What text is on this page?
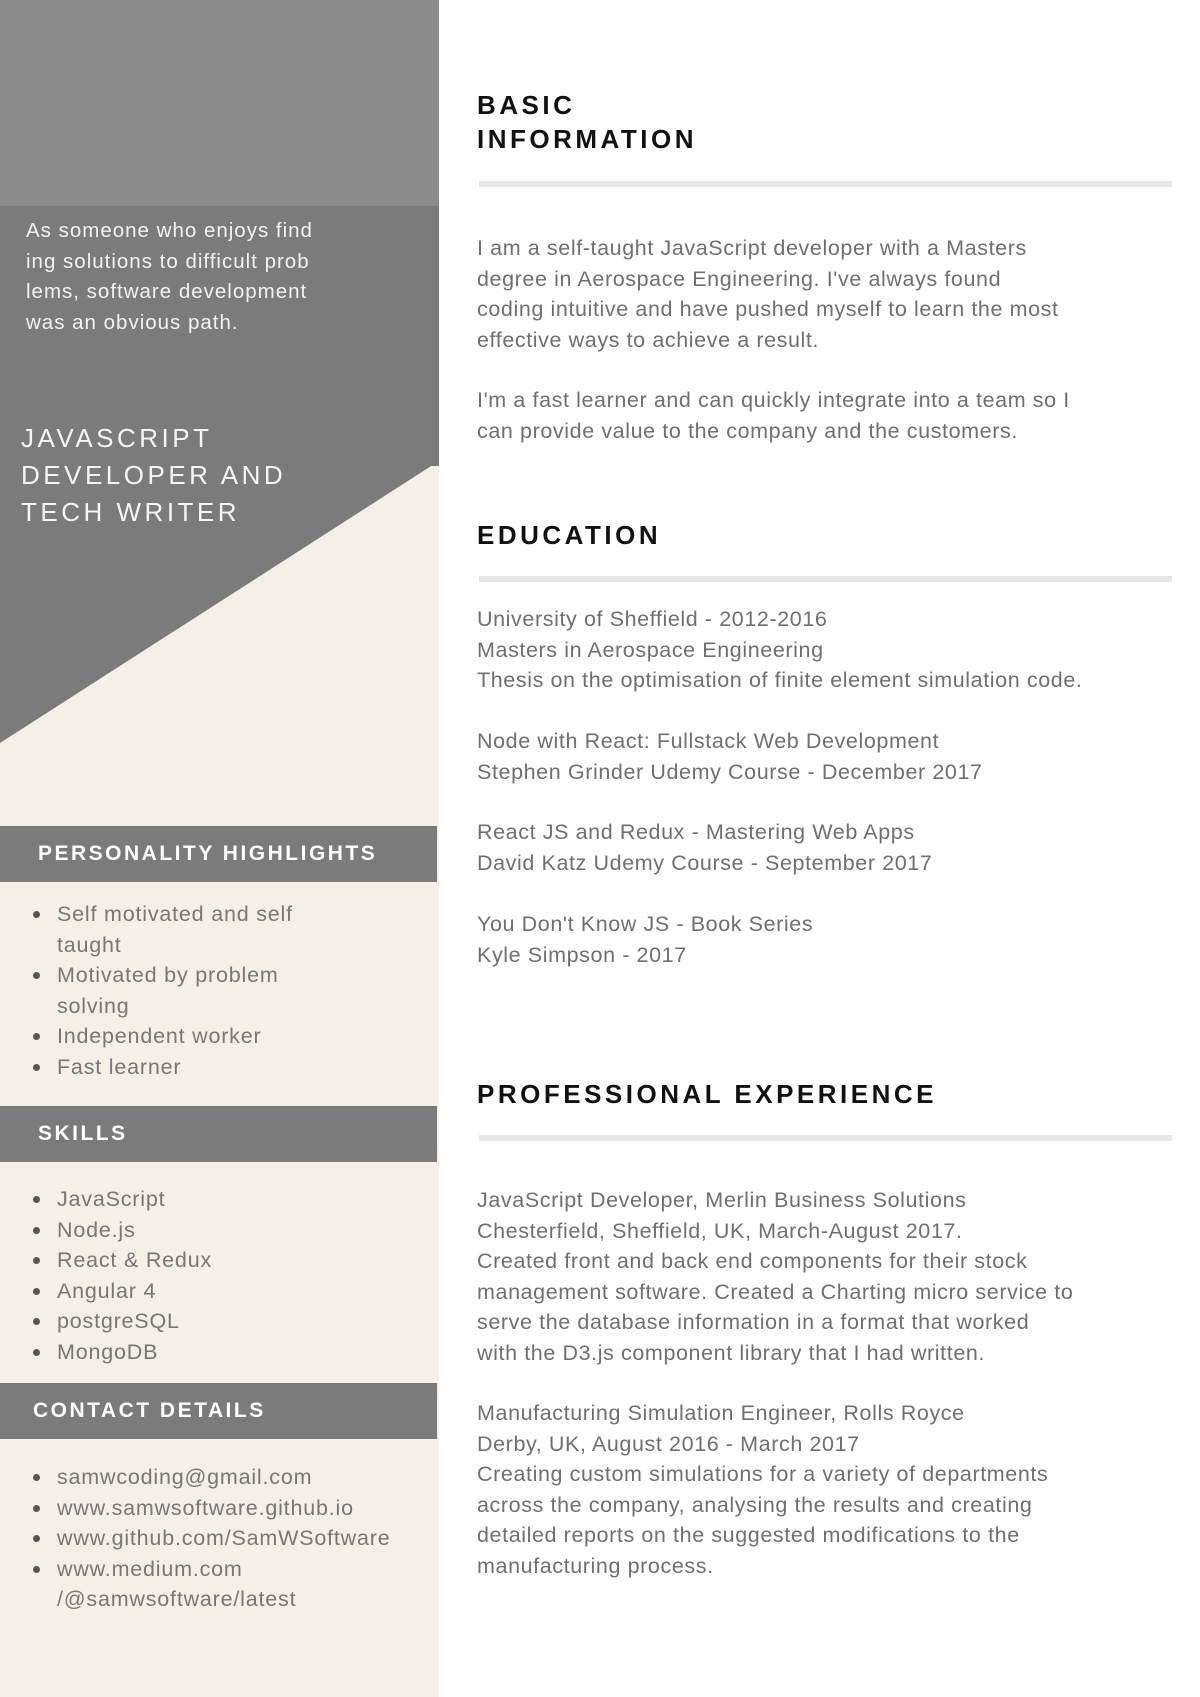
As someone who enjoys find
ing solutions to difficult prob
lems, software development
was an obvious path.

JAVASCRIPT
DEVELOPER AND
TECH WRITER
PERSONALITY HIGHLIGHTS
Self motivated and self
taught
Motivated by problem
solving
Independent worker
Fast learner
SKILLS
JavaScript
Node.js
React & Redux
Angular 4
postgreSQL
MongoDB
CONTACT DETAILS
samwcoding@gmail.com
www.samwsoftware.github.io
www.github.com/SamWSoftware
www.medium.com
/@samwsoftware/latest
BASIC
INFORMATION

I am a self-taught JavaScript developer with a Masters
degree in Aerospace Engineering. I've always found
coding intuitive and have pushed myself to learn the most
effective ways to achieve a result.

I'm a fast learner and can quickly integrate into a team so I
can provide value to the company and the customers.

EDUCATION

University of Sheffield - 2012-2016
Masters in Aerospace Engineering
Thesis on the optimisation of finite element simulation code.

Node with React: Fullstack Web Development
Stephen Grinder Udemy Course - December 2017

React JS and Redux - Mastering Web Apps
David Katz Udemy Course - September 2017

You Don't Know JS - Book Series
Kyle Simpson - 2017

PROFESSIONAL EXPERIENCE

JavaScript Developer, Merlin Business Solutions
Chesterfield, Sheffield, UK, March-August 2017.
Created front and back end components for their stock
management software. Created a Charting micro service to
serve the database information in a format that worked
with the D3.js component library that I had written.

Manufacturing Simulation Engineer, Rolls Royce
Derby, UK, August 2016 - March 2017
Creating custom simulations for a variety of departments
across the company, analysing the results and creating
detailed reports on the suggested modifications to the
manufacturing process.
